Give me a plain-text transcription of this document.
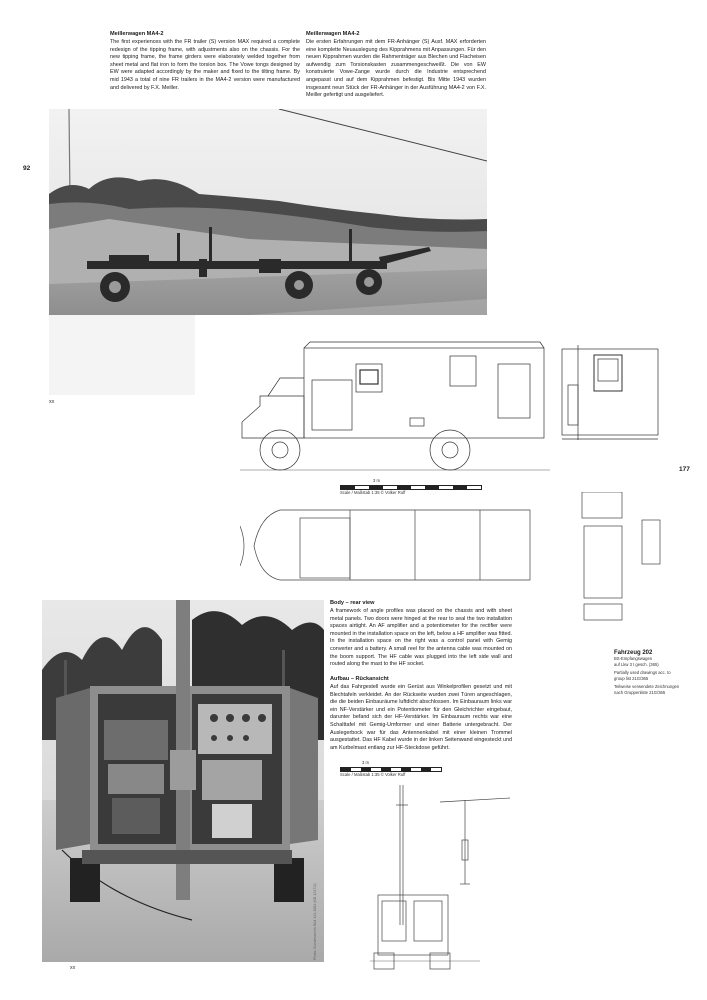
Meillerwagen MA4-2
The first experiences with the FR trailer (S) version MAX required a complete redesign of the tipping frame, with adjustments also on the chassis. For the new tipping frame, the frame girders were elaborately welded together from sheet metal and flat iron to form the torsion box. The Vowe tongs designed by EW were adapted accordingly by the maker and fixed to the tilting frame. By mid 1943 a total of nine FR trailers in the MA4-2 version were manufactured and delivered by F.X. Meiller.
Meillerwagen MA4-2
Die ersten Erfahrungen mit dem FR-Anhänger (S) Ausf. MAX erforderten eine komplette Neuauslegung des Kipprahmens mit Anpassungen. Für den neuen Kipprahmen wurden die Rahmenträger aus Blechen und Flacheisen aufwendig zum Torsionskasten zusammengeschweißt. Die von EW konstruierte Vowe-Zange wurde durch die Industrie entsprechend angepasst und auf dem Kipprahmen befestigt. Bis Mitte 1943 wurden insgesamt neun Stück der FR-Anhänger in der Ausführung MA4-2 von F.X. Meiller gefertigt und ausgeliefert.
92
177
xx
3 m
Scale / Maßstab 1:35 © Volker Ruff
Fahrzeug 202
BS-Empfangswagen
auf Lkw 3 t gesch. (365)
Partially used drawings acc. to
group list 21G/365
Teilweise verwendete Zeichnungen
nach Gruppenliste 21G/365
xx
Photo: Bundesarchiv Bild 141-1882 (KB 1217/2)
Body – rear view
A framework of angle profiles was placed on the chassis and with sheet metal panels. Two doors were hinged at the rear to seal the two installation spaces airtight. An AF amplifier and a potentiometer for the rectifier were mounted in the installation space on the left, below a HF amplifier was fitted. In the installation space on the right was a control panel with Gemig converter and a battery. A small reel for the antenna cable was mounted on the boom support. The HF cable was plugged into the left side wall and routed along the mast to the HF socket.
Aufbau – Rückansicht
Auf das Fahrgestell wurde ein Gerüst aus Winkelprofilen gesetzt und mit Blechtafeln verkleidet. An der Rückseite wurden zwei Türen angeschlagen, die die beiden Einbauräume luftdicht abschlossen. Im Einbauraum links war ein NF-Verstärker und ein Potentiometer für den Gleichrichter eingebaut, darunter befand sich der HF-Verstärker. Im Einbauraum rechts war eine Schalttafel mit Gemig-Umformer und einer Batterie untergebracht. Der Auslegerbock war für das Antennenkabel mit einer kleinen Trommel ausgestattet. Das HF Kabel wurde in der linken Seitenwand eingesteckt und am Kurbelmast entlang zur HF-Steckdose geführt.
3 m
Scale / Maßstab 1:35 © Volker Ruff
